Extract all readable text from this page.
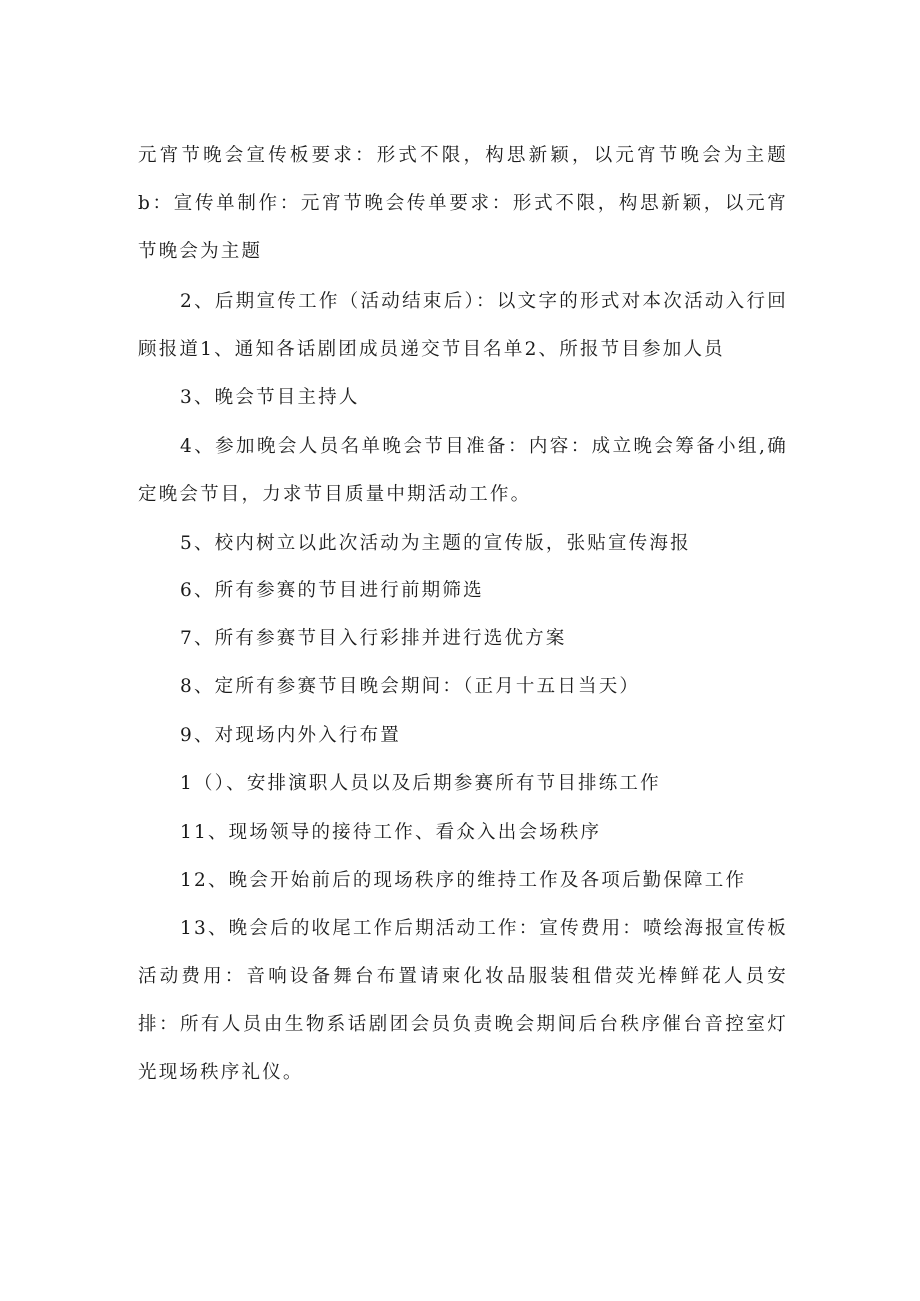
元宵节晚会宣传板要求：形式不限，构思新颖，以元宵节晚会为主题b：宣传单制作：元宵节晚会传单要求：形式不限，构思新颖，以元宵节晚会为主题

2、后期宣传工作（活动结束后）：以文字的形式对本次活动入行回顾报道1、通知各话剧团成员递交节目名单2、所报节目参加人员

3、晚会节目主持人

4、参加晚会人员名单晚会节目准备：内容：成立晚会筹备小组,确定晚会节目，力求节目质量中期活动工作。

5、校内树立以此次活动为主题的宣传版，张贴宣传海报

6、所有参赛的节目进行前期筛选

7、所有参赛节目入行彩排并进行选优方案

8、定所有参赛节目晚会期间：（正月十五日当天）

9、对现场内外入行布置

1（）、安排演职人员以及后期参赛所有节目排练工作

11、现场领导的接待工作、看众入出会场秩序

12、晚会开始前后的现场秩序的维持工作及各项后勤保障工作

13、晚会后的收尾工作后期活动工作：宣传费用：喷绘海报宣传板活动费用：音响设备舞台布置请柬化妆品服装租借荧光棒鲜花人员安排：所有人员由生物系话剧团会员负责晚会期间后台秩序催台音控室灯光现场秩序礼仪。
